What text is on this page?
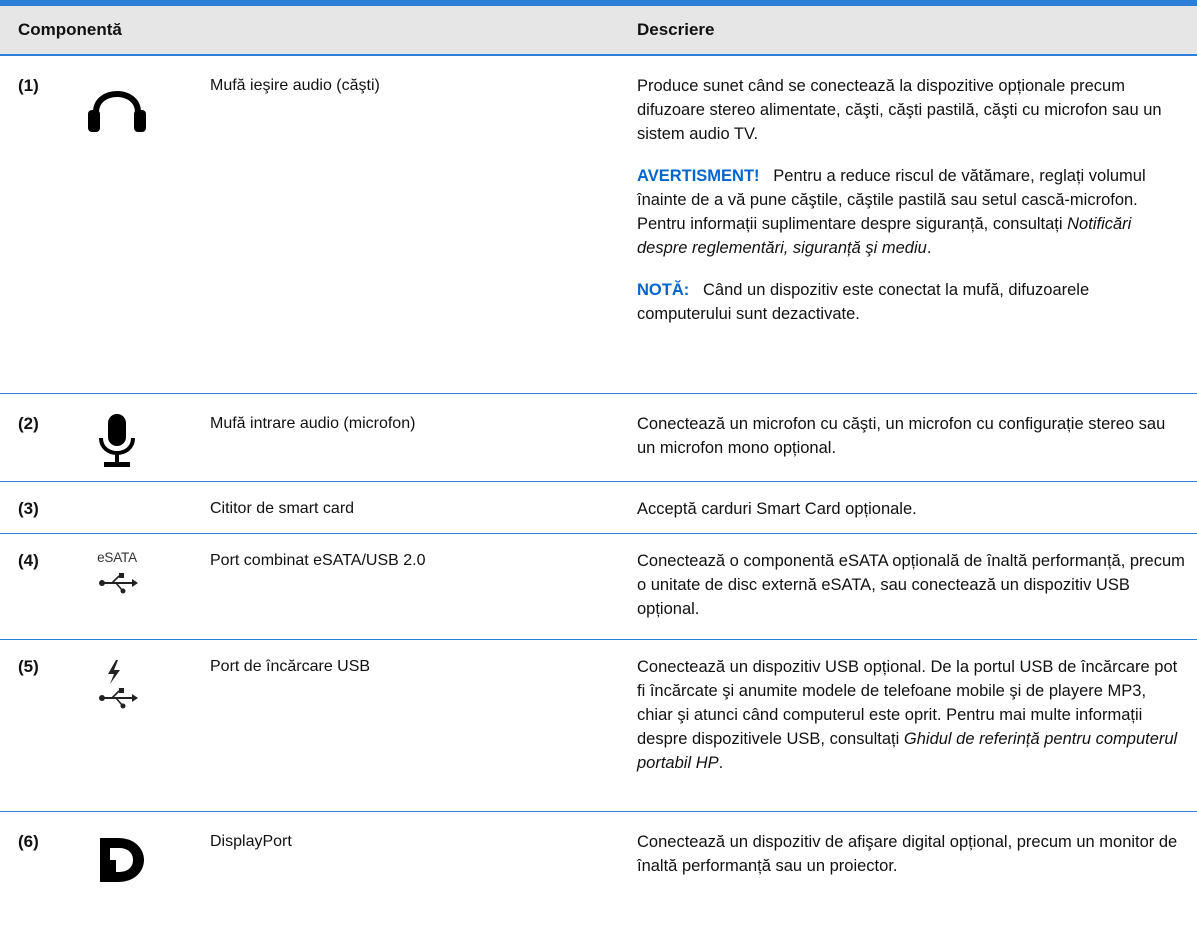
Componentă	Descriere
(1)	Mufă ieşire audio (căşti)	Produce sunet când se conectează la dispozitive opționale precum difuzoare stereo alimentate, căşti, căşti pastilă, căşti cu microfon sau un sistem audio TV.

AVERTISMENT! Pentru a reduce riscul de vătămare, reglați volumul înainte de a vă pune căştile, căştile pastilă sau setul cască-microfon. Pentru informații suplimentare despre siguranță, consultați Notificări despre reglementări, siguranță şi mediu.

NOTĂ: Când un dispozitiv este conectat la mufă, difuzoarele computerului sunt dezactivate.

(2)	Mufă intrare audio (microfon)	Conectează un microfon cu căşti, un microfon cu configurație stereo sau un microfon mono opțional.

(3)	Cititor de smart card	Acceptă carduri Smart Card opționale.

(4)	eSATA	Port combinat eSATA/USB 2.0	Conectează o componentă eSATA opțională de înaltă performanță, precum o unitate de disc externă eSATA, sau conectează un dispozitiv USB opțional.

(5)	Port de încărcare USB	Conectează un dispozitiv USB opțional. De la portul USB de încărcare pot fi încărcate şi anumite modele de telefoane mobile şi de playere MP3, chiar şi atunci când computerul este oprit. Pentru mai multe informații despre dispozitivele USB, consultați Ghidul de referință pentru computerul portabil HP.

(6)	DisplayPort	Conectează un dispozitiv de afişare digital opțional, precum un monitor de înaltă performanță sau un proiector.
